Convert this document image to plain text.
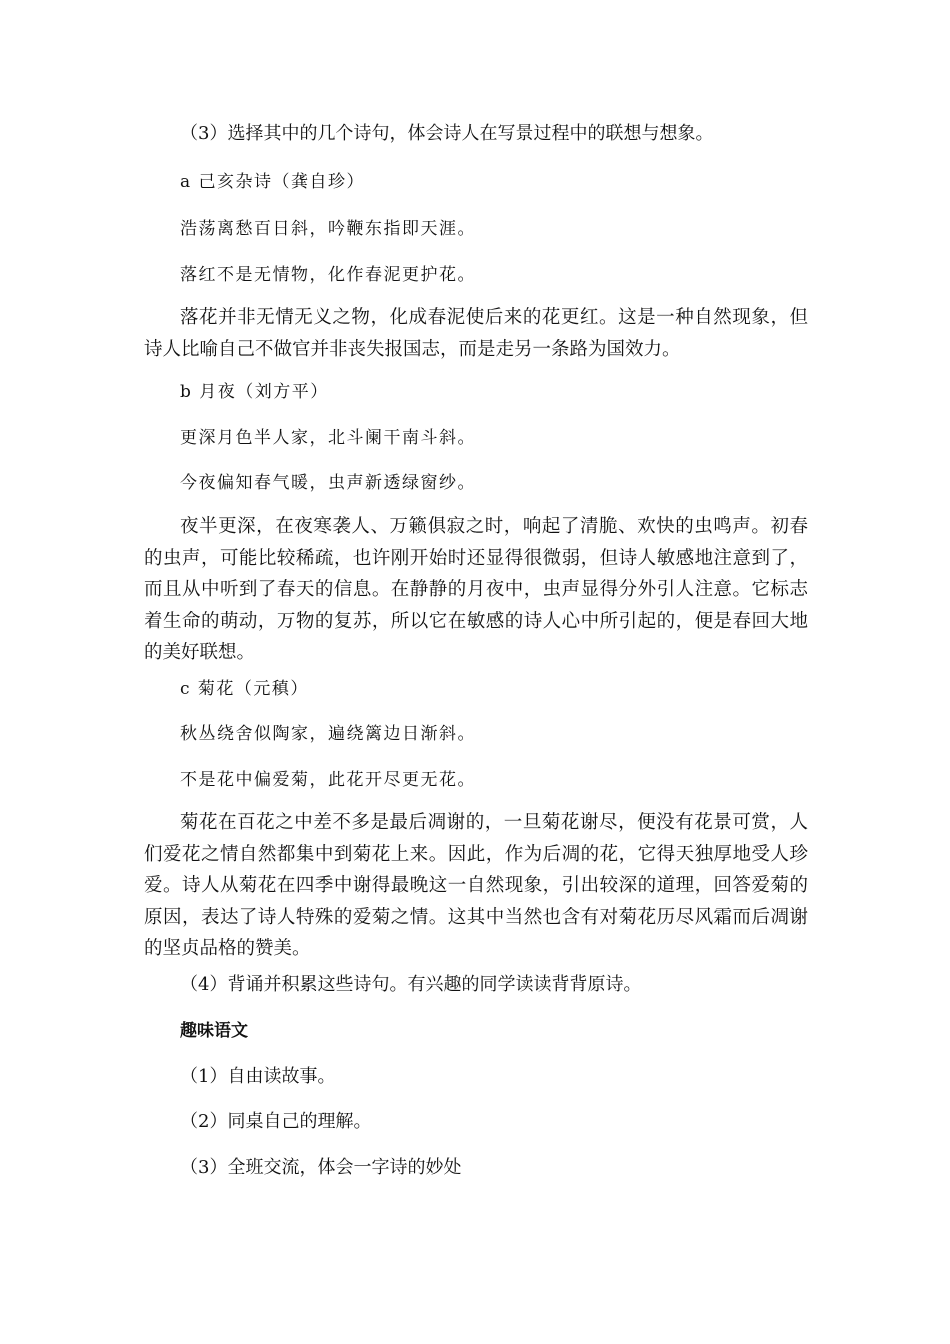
（3）选择其中的几个诗句，体会诗人在写景过程中的联想与想象。
a 己亥杂诗（龚自珍）
浩荡离愁百日斜，吟鞭东指即天涯。
落红不是无情物，化作春泥更护花。
落花并非无情无义之物，化成春泥使后来的花更红。这是一种自然现象，但诗人比喻自己不做官并非丧失报国志，而是走另一条路为国效力。
b 月夜（刘方平）
更深月色半人家，北斗阑干南斗斜。
今夜偏知春气暖，虫声新透绿窗纱。
夜半更深，在夜寒袭人、万籁俱寂之时，响起了清脆、欢快的虫鸣声。初春的虫声，可能比较稀疏，也许刚开始时还显得很微弱，但诗人敏感地注意到了，而且从中听到了春天的信息。在静静的月夜中，虫声显得分外引人注意。它标志着生命的萌动，万物的复苏，所以它在敏感的诗人心中所引起的，便是春回大地的美好联想。
c 菊花（元稹）
秋丛绕舍似陶家，遍绕篱边日渐斜。
不是花中偏爱菊，此花开尽更无花。
菊花在百花之中差不多是最后凋谢的，一旦菊花谢尽，便没有花景可赏，人们爱花之情自然都集中到菊花上来。因此，作为后凋的花，它得天独厚地受人珍爱。诗人从菊花在四季中谢得最晚这一自然现象，引出较深的道理，回答爱菊的原因，表达了诗人特殊的爱菊之情。这其中当然也含有对菊花历尽风霜而后凋谢的坚贞品格的赞美。
（4）背诵并积累这些诗句。有兴趣的同学读读背背原诗。
趣味语文
（1）自由读故事。
（2）同桌自己的理解。
（3）全班交流，体会一字诗的妙处
